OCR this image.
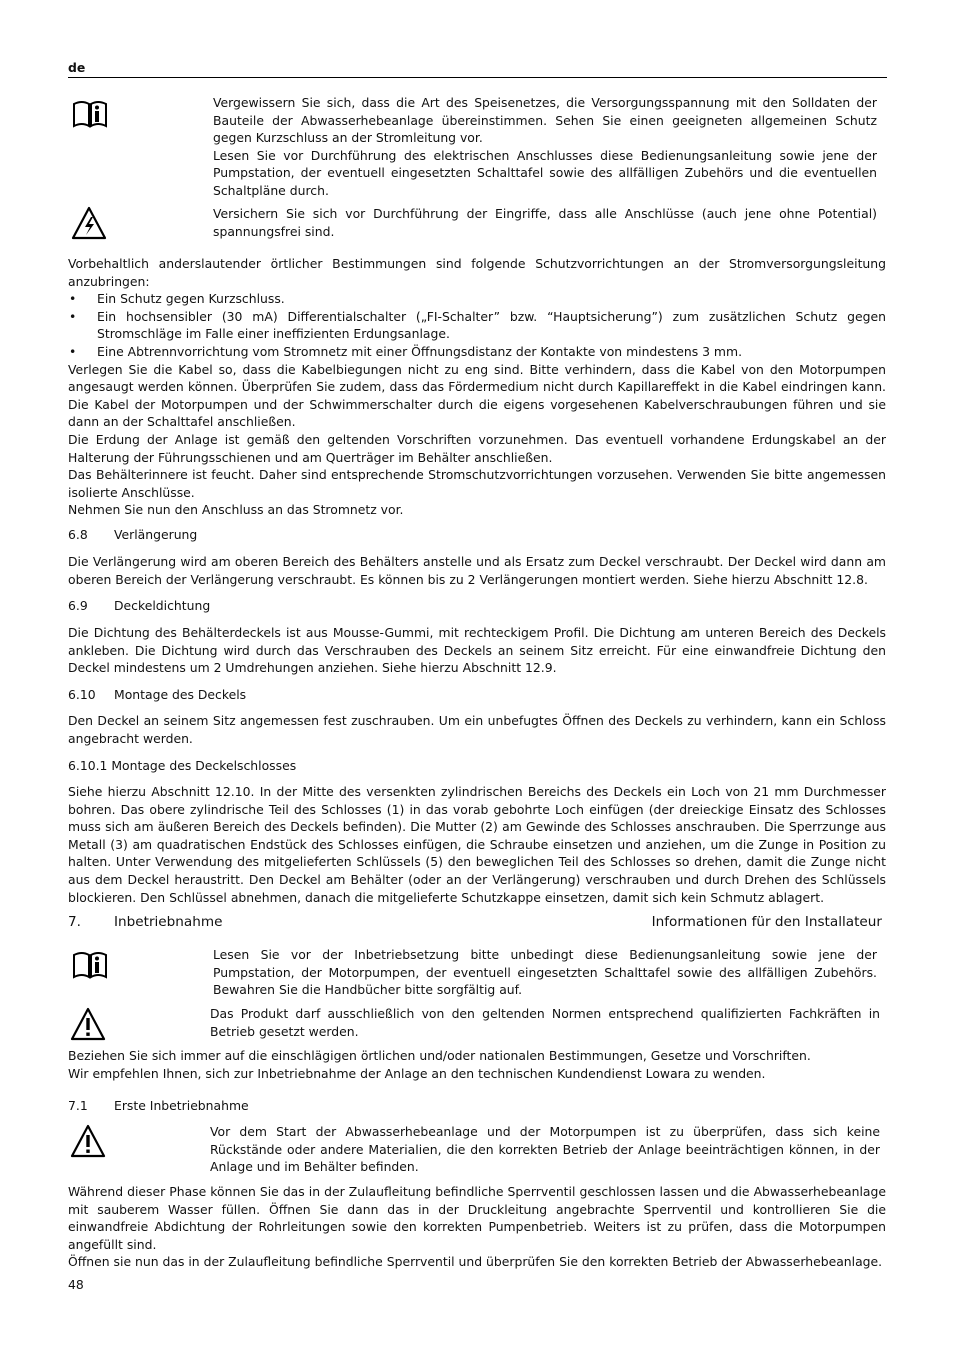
de

Vergewissern Sie sich, dass die Art des Speisenetzes, die Versorgungsspannung mit den Solldaten der Bauteile der Abwasserhebeanlage übereinstimmen. Sehen Sie einen geeigneten allgemeinen Schutz gegen Kurzschluss an der Stromleitung vor.

Lesen Sie vor Durchführung des elektrischen Anschlusses diese Bedienungsanleitung sowie jene der Pumpstation, der eventuell eingesetzten Schalttafel sowie des allfälligen Zubehörs und die eventuellen Schaltpläne durch.

Versichern Sie sich vor Durchführung der Eingriffe, dass alle Anschlüsse (auch jene ohne Potential) spannungsfrei sind.

Vorbehaltlich anderslautender örtlicher Bestimmungen sind folgende Schutzvorrichtungen an der Stromversorgungsleitung anzubringen:

• Ein Schutz gegen Kurzschluss.
• Ein hochsensibler (30 mA) Differentialschalter („FI-Schalter” bzw. “Hauptsicherung”) zum zusätzlichen Schutz gegen Stromschläge im Falle einer ineffizienten Erdungsanlage.
• Eine Abtrennvorrichtung vom Stromnetz mit einer Öffnungsdistanz der Kontakte von mindestens 3 mm.

Verlegen Sie die Kabel so, dass die Kabelbiegungen nicht zu eng sind. Bitte verhindern, dass die Kabel von den Motorpumpen angesaugt werden können. Überprüfen Sie zudem, dass das Fördermedium nicht durch Kapillareffekt in die Kabel eindringen kann. Die Kabel der Motorpumpen und der Schwimmerschalter durch die eigens vorgesehenen Kabelverschraubungen führen und sie dann an der Schalttafel anschließen.

Die Erdung der Anlage ist gemäß den geltenden Vorschriften vorzunehmen. Das eventuell vorhandene Erdungskabel an der Halterung der Führungsschienen und am Querträger im Behälter anschließen.

Das Behälterinnere ist feucht. Daher sind entsprechende Stromschutzvorrichtungen vorzusehen. Verwenden Sie bitte angemessen isolierte Anschlüsse.

Nehmen Sie nun den Anschluss an das Stromnetz vor.

6.8 Verlängerung

Die Verlängerung wird am oberen Bereich des Behälters anstelle und als Ersatz zum Deckel verschraubt. Der Deckel wird dann am oberen Bereich der Verlängerung verschraubt. Es können bis zu 2 Verlängerungen montiert werden. Siehe hierzu Abschnitt 12.8.

6.9 Deckeldichtung

Die Dichtung des Behälterdeckels ist aus Mousse-Gummi, mit rechteckigem Profil. Die Dichtung am unteren Bereich des Deckels ankleben. Die Dichtung wird durch das Verschrauben des Deckels an seinem Sitz erreicht. Für eine einwandfreie Dichtung den Deckel mindestens um 2 Umdrehungen anziehen. Siehe hierzu Abschnitt 12.9.

6.10 Montage des Deckels

Den Deckel an seinem Sitz angemessen fest zuschrauben. Um ein unbefugtes Öffnen des Deckels zu verhindern, kann ein Schloss angebracht werden.

6.10.1 Montage des Deckelschlosses

Siehe hierzu Abschnitt 12.10. In der Mitte des versenkten zylindrischen Bereichs des Deckels ein Loch von 21 mm Durchmesser bohren. Das obere zylindrische Teil des Schlosses (1) in das vorab gebohrte Loch einfügen (der dreieckige Einsatz des Schlosses muss sich am äußeren Bereich des Deckels befinden). Die Mutter (2) am Gewinde des Schlosses anschrauben. Die Sperrzunge aus Metall (3) am quadratischen Endstück des Schlosses einfügen, die Schraube einsetzen und anziehen, um die Zunge in Position zu halten. Unter Verwendung des mitgelieferten Schlüssels (5) den beweglichen Teil des Schlosses so drehen, damit die Zunge nicht aus dem Deckel heraustritt. Den Deckel am Behälter (oder an der Verlängerung) verschrauben und durch Drehen des Schlüssels blockieren. Den Schlüssel abnehmen, danach die mitgelieferte Schutzkappe einsetzen, damit sich kein Schmutz ablagert.

7. Inbetriebnahme	Informationen für den Installateur

Lesen Sie vor der Inbetriebsetzung bitte unbedingt diese Bedienungsanleitung sowie jene der Pumpstation, der Motorpumpen, der eventuell eingesetzten Schalttafel sowie des allfälligen Zubehörs. Bewahren Sie die Handbücher bitte sorgfältig auf.

Das Produkt darf ausschließlich von den geltenden Normen entsprechend qualifizierten Fachkräften in Betrieb gesetzt werden.

Beziehen Sie sich immer auf die einschlägigen örtlichen und/oder nationalen Bestimmungen, Gesetze und Vorschriften.

Wir empfehlen Ihnen, sich zur Inbetriebnahme der Anlage an den technischen Kundendienst Lowara zu wenden.

7.1 Erste Inbetriebnahme

Vor dem Start der Abwasserhebeanlage und der Motorpumpen ist zu überprüfen, dass sich keine Rückstände oder andere Materialien, die den korrekten Betrieb der Anlage beeinträchtigen können, in der Anlage und im Behälter befinden.

Während dieser Phase können Sie das in der Zulaufleitung befindliche Sperrventil geschlossen lassen und die Abwasserhebeanlage mit sauberem Wasser füllen. Öffnen Sie dann das in der Druckleitung angebrachte Sperrventil und kontrollieren Sie die einwandfreie Abdichtung der Rohrleitungen sowie den korrekten Pumpenbetrieb. Weiters ist zu prüfen, dass die Motorpumpen angefüllt sind.

Öffnen sie nun das in der Zulaufleitung befindliche Sperrventil und überprüfen Sie den korrekten Betrieb der Abwasserhebeanlage.

48
